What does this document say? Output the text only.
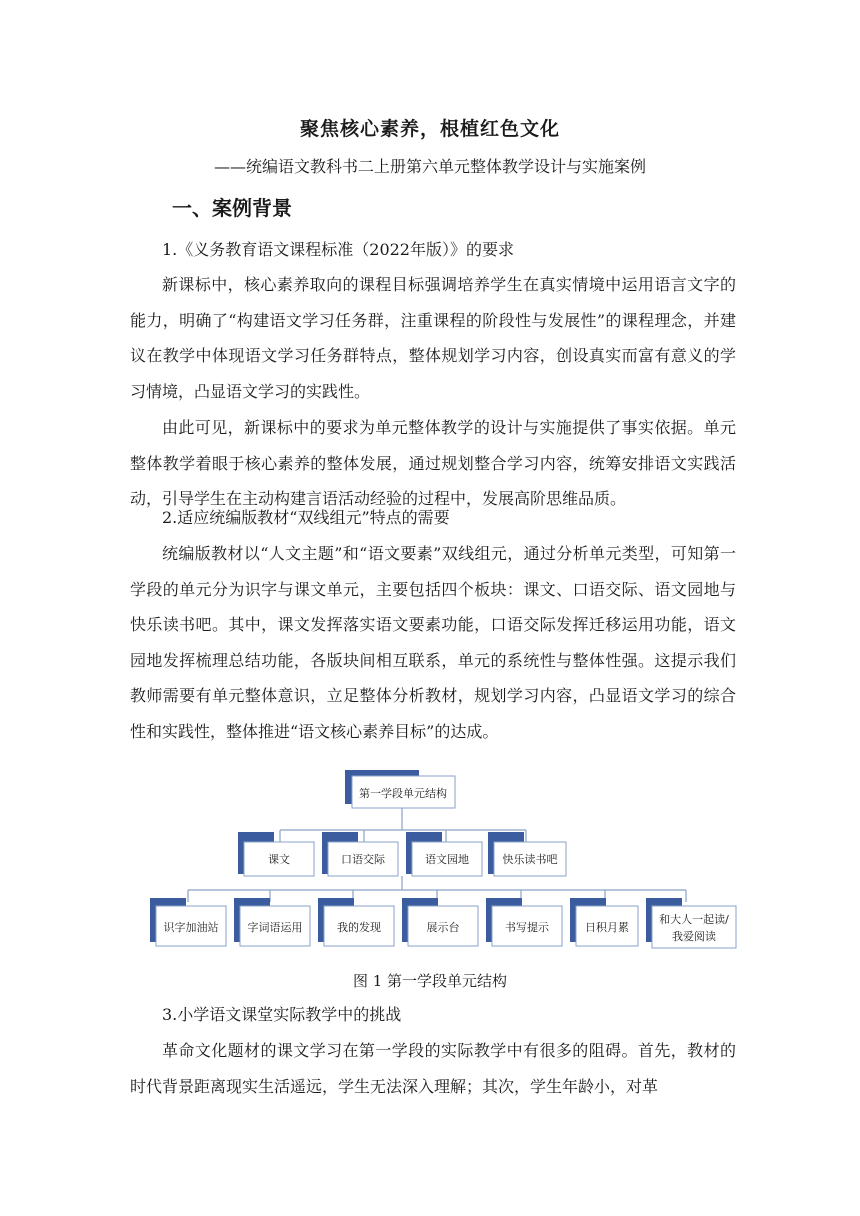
聚焦核心素养，根植红色文化
——统编语文教科书二上册第六单元整体教学设计与实施案例
一、案例背景

1.《义务教育语文课程标准（2022年版）》的要求

新课标中，核心素养取向的课程目标强调培养学生在真实情境中运用语言文字的能力，明确了“构建语文学习任务群，注重课程的阶段性与发展性”的课程理念，并建议在教学中体现语文学习任务群特点，整体规划学习内容，创设真实而富有意义的学习情境，凸显语文学习的实践性。

由此可见，新课标中的要求为单元整体教学的设计与实施提供了事实依据。单元整体教学着眼于核心素养的整体发展，通过规划整合学习内容，统筹安排语文实践活动，引导学生在主动构建言语活动经验的过程中，发展高阶思维品质。

2.适应统编版教材“双线组元”特点的需要

统编版教材以“人文主题”和“语文要素”双线组元，通过分析单元类型，可知第一学段的单元分为识字与课文单元，主要包括四个板块：课文、口语交际、语文园地与快乐读书吧。其中，课文发挥落实语文要素功能，口语交际发挥迁移运用功能，语文园地发挥梳理总结功能，各版块间相互联系，单元的系统性与整体性强。这提示我们教师需要有单元整体意识，立足整体分析教材，规划学习内容，凸显语文学习的综合性和实践性，整体推进“语文核心素养目标”的达成。

第一学段单元结构
课文	口语交际	语文园地	快乐读书吧
识字加油站	字词语运用	我的发现	展示台	书写提示	日积月累
和大人一起读/
我爱阅读
图 1 第一学段单元结构

3.小学语文课堂实际教学中的挑战

革命文化题材的课文学习在第一学段的实际教学中有很多的阻碍。首先，教材的时代背景距离现实生活遥远，学生无法深入理解；其次，学生年龄小，对革
